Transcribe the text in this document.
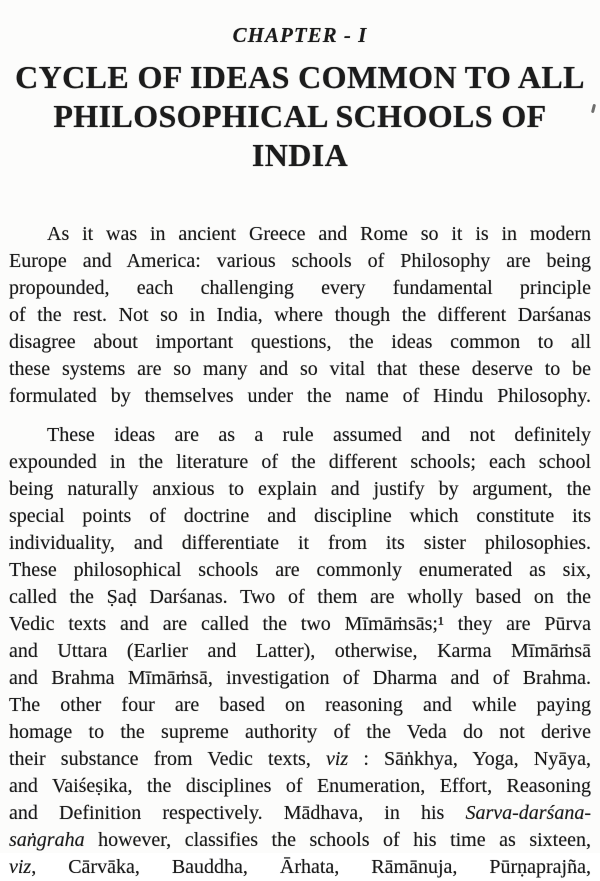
CHAPTER - I
CYCLE OF IDEAS COMMON TO ALL
PHILOSOPHICAL SCHOOLS OF INDIA

As it was in ancient Greece and Rome so it is in modern
Europe and America: various schools of Philosophy are being
propounded, each challenging every fundamental principle
of the rest. Not so in India, where though the different Darśanas
disagree about important questions, the ideas common to all
these systems are so many and so vital that these deserve to be
formulated by themselves under the name of Hindu Philosophy.

These ideas are as a rule assumed and not definitely
expounded in the literature of the different schools; each school
being naturally anxious to explain and justify by argument, the
special points of doctrine and discipline which constitute its
individuality, and differentiate it from its sister philosophies.
These philosophical schools are commonly enumerated as six,
called the Ṣaḍ Darśanas. Two of them are wholly based on the
Vedic texts and are called the two Mīmāṁsās;¹ they are Pūrva
and Uttara (Earlier and Latter), otherwise, Karma Mīmāṁsā
and Brahma Mīmāṁsā, investigation of Dharma and of Brahma.
The other four are based on reasoning and while paying
homage to the supreme authority of the Veda do not derive
their substance from Vedic texts, viz : Sāṅkhya, Yoga, Nyāya,
and Vaiśeṣika, the disciplines of Enumeration, Effort, Reasoning
and Definition respectively. Mādhava, in his Sarva-darśana-
saṅgraha however, classifies the schools of his time as sixteen,
viz, Cārvāka, Bauddha, Ārhata, Rāmānuja, Pūrṇaprajña,
